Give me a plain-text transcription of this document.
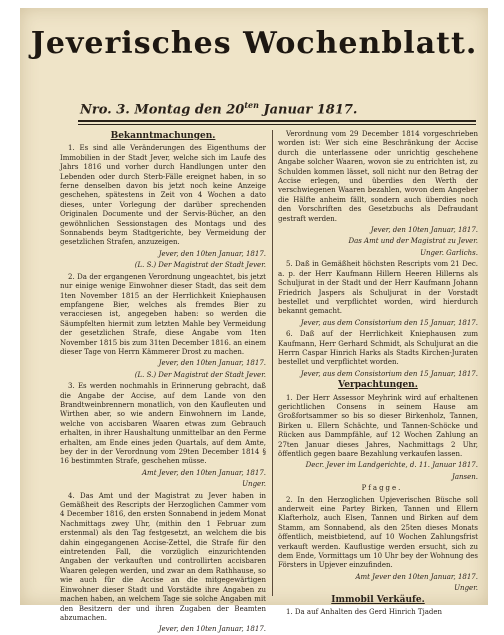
Jeverisches Wochenblatt.
Nro. 3. Montag den $20^{ten}$ Januar 1817.
Bekanntmachungen.

1. Es sind alle Veränderungen des Eigenthums der Immobilien in der Stadt Jever, welche sich im Laufe des Jahrs 1816 und vorher durch Handlungen unter den Lebenden oder durch Sterb-Fälle ereignet haben, in so ferne denselben davon bis jetzt noch keine Anzeige geschehen, spätestens in Zeit von 4 Wochen a dato dieses, unter Vorlegung der darüber sprechenden Originalen Documente und der Servis-Bücher, an den gewöhnlichen Sessionstagen des Montags und des Sonnabends beym Stadtgerichte, bey Vermeidung der gesetzlichen Strafen, anzuzeigen.

Jever, den 10ten Januar, 1817.

(L. S.) Der Magistrat der Stadt Jever.

2. Da der ergangenen Verordnung ungeachtet, bis jetzt nur einige wenige Einwohner dieser Stadt, das seit dem 1ten November 1815 an der Herrlichkeit Kniephausen empfangene Bier, welches als fremdes Bier zu veracciesen ist, angegeben haben: so werden die Säumpfelten hiermit zum letzten Mahle bey Vermeidung der gesetzlichen Strafe, diese Angabe vom 1ten November 1815 bis zum 31ten December 1816. an einem dieser Tage von Herrn Kämmerer Drost zu machen.

Jever, den 10ten Januar, 1817.

(L. S.) Der Magistrat der Stadt Jever.

3. Es werden nochmahls in Erinnerung gebracht, daß die Angabe der Accise, auf dem Lande von den Brandtweinbrennern monatlich, von den Kaufleuten und Wirthen aber, so wie andern Einwohnern im Lande, welche von accisbaren Waaren etwas zum Gebrauch erhalten, in ihrer Haushaltung unmittelbar an den Ferme erhalten, am Ende eines jeden Quartals, auf dem Amte, bey der in der Verordnung vom 29ten December 1814 § 16 bestimmten Strafe, geschehen müsse.

Amt Jever, den 10ten Januar, 1817.

Unger.

4. Das Amt und der Magistrat zu Jever haben in Gemäßheit des Rescripts der Herzoglichen Cammer vom 4 December 1816, den ersten Sonnabend in jedem Monat Nachmittags zwey Uhr, (mithin den 1 Februar zum erstenmal) als den Tag festgesetzt, an welchem die bis dahin eingegangenen Accise-Zettel, die Strafe für den eintretenden Fall, die vorzüglich einzurichtenden Angaben der verkauften und controllirten accisbaren Waaren gelegen werden, und zwar an dem Rathhause, so wie auch für die Accise an die mitgegewärtigen Einwohner dieser Stadt und Vorstädte ihre Angaben zu machen haben, an welchem Tage sie solche Angaben mit den Besitzern der und ihren Zugaben der Beamten abzumachen.

Jever, den 10ten Januar, 1817.

Verordnung vom 29 December 1814 vorgeschrieben worden ist: Wer sich eine Beschränkung der Accise durch die unterlassene oder unrichtig geschehene Angabe solcher Waaren, wovon sie zu entrichten ist, zu Schulden kommen lässet, soll nicht nur den Betrag der Accise erlegen, und überdies den Werth der verschwiegenen Waaren bezahlen, wovon dem Angeber die Hälfte anheim fällt, sondern auch überdies noch den Vorschriften des Gesetzbuchs als Defraudant gestraft werden.

Jever, den 10ten Januar, 1817.

Das Amt und der Magistrat zu Jever.

Unger. Garlichs.

5. Daß in Gemäßheit höchsten Rescripts vom 21 Dec. a. p. der Herr Kaufmann Hillern Heeren Hillerns als Schuljurat in der Stadt und der Herr Kaufmann Johann Friedrich Jaspers als Schuljurat in der Vorstadt bestellet und verpflichtet worden, wird hierdurch bekannt gemacht.

Jever, aus dem Consistorium den 15 Januar, 1817.

6. Daß auf der Herrlichkeit Kniephausen zum Kaufmann, Herr Gerhard Schmidt, als Schuljurat an die Herrn Caspar Hinrich Harks als Stadts Kirchen-Juraten bestellet und verpflichtet worden.

Jever, aus dem Consistorium den 15 Januar, 1817.

Verpachtungen.

1. Der Herr Assessor Meyhrink wird auf erhaltenen gerichtlichen Consens in seinem Hause am Großfortsammer so bis so dieser Birkenholz, Tannen, Birken u. Ellern Schächte, und Tannen-Schöcke und Rücken aus Dammpfähle, auf 12 Wochen Zahlung an 27ten Januar dieses Jahres, Nachmittags 2 Uhr, öffentlich gegen baare Bezahlung verkaufen lassen.

Decr. Jever im Landgerichte, d. 11. Januar 1817.

Jansen.

Pfagge.

2. In den Herzoglichen Upjeverischen Büsche soll anderweit eine Partey Birken, Tannen und Ellern Klafterholz, auch Elsen, Tannen und Birken auf dem Stamm, am Sonnabend, als den 25ten dieses Monats öffentlich, meistbietend, auf 10 Wochen Zahlungsfrist verkauft werden. Kauflustige werden ersucht, sich zu dem Ende, Vormittags um 10 Uhr bey der Wohnung des Försters in Upjever einzufinden.

Amt Jever den 10ten Januar, 1817.

Unger.

Immobil Verkäufe.

1. Da auf Anhalten des Gerd Hinrich Tjaden
